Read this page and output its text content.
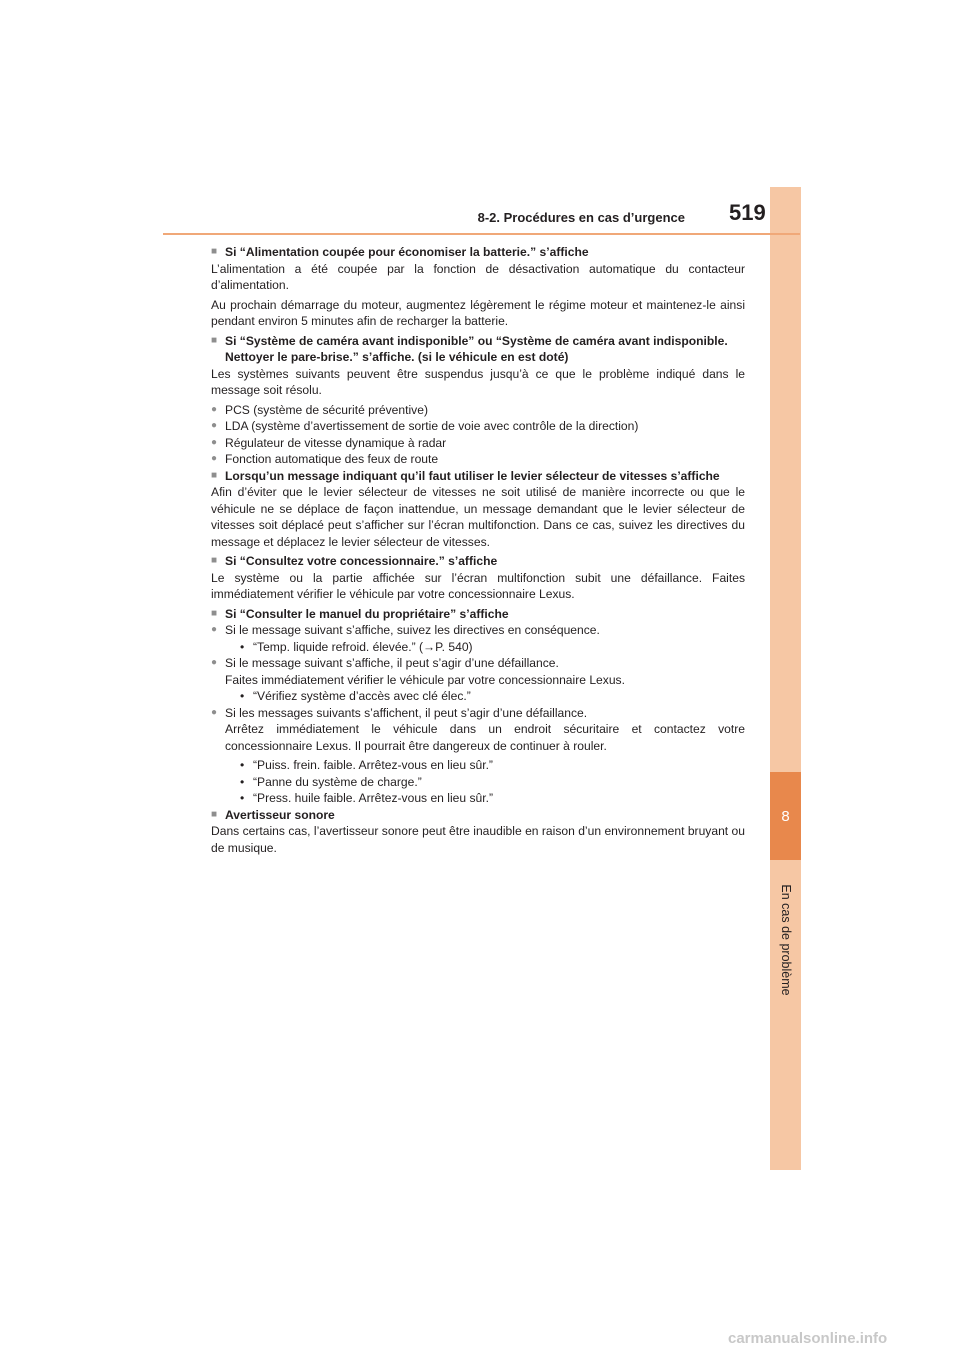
8
En cas de problème
8-2. Procédures en cas d’urgence 519

■ Si “Alimentation coupée pour économiser la batterie.” s’affiche

L’alimentation a été coupée par la fonction de désactivation automatique du contacteur d’alimentation.

Au prochain démarrage du moteur, augmentez légèrement le régime moteur et maintenez-le ainsi pendant environ 5 minutes afin de recharger la batterie.

■ Si “Système de caméra avant indisponible” ou “Système de caméra avant indisponible. Nettoyer le pare-brise.” s’affiche. (si le véhicule en est doté)

Les systèmes suivants peuvent être suspendus jusqu’à ce que le problème indiqué dans le message soit résolu.

● PCS (système de sécurité préventive)

● LDA (système d’avertissement de sortie de voie avec contrôle de la direction)

● Régulateur de vitesse dynamique à radar

● Fonction automatique des feux de route

■ Lorsqu’un message indiquant qu’il faut utiliser le levier sélecteur de vitesses s’affiche

Afin d’éviter que le levier sélecteur de vitesses ne soit utilisé de manière incorrecte ou que le véhicule ne se déplace de façon inattendue, un message demandant que le levier sélecteur de vitesses soit déplacé peut s’afficher sur l’écran multifonction. Dans ce cas, suivez les directives du message et déplacez le levier sélecteur de vitesses.

■ Si “Consultez votre concessionnaire.” s’affiche

Le système ou la partie affichée sur l’écran multifonction subit une défaillance. Faites immédiatement vérifier le véhicule par votre concessionnaire Lexus.

■ Si “Consulter le manuel du propriétaire” s’affiche

● Si le message suivant s’affiche, suivez les directives en conséquence.

• “Temp. liquide refroid. élevée.” (→P. 540)

● Si le message suivant s’affiche, il peut s’agir d’une défaillance.

Faites immédiatement vérifier le véhicule par votre concessionnaire Lexus.

• “Vérifiez système d’accès avec clé élec.”

● Si les messages suivants s’affichent, il peut s’agir d’une défaillance.

Arrêtez immédiatement le véhicule dans un endroit sécuritaire et contactez votre concessionnaire Lexus. Il pourrait être dangereux de continuer à rouler.

• “Puiss. frein. faible. Arrêtez-vous en lieu sûr.”

• “Panne du système de charge.”

• “Press. huile faible. Arrêtez-vous en lieu sûr.”

■ Avertisseur sonore

Dans certains cas, l’avertisseur sonore peut être inaudible en raison d’un environnement bruyant ou de musique.

carmanualsonline.info
